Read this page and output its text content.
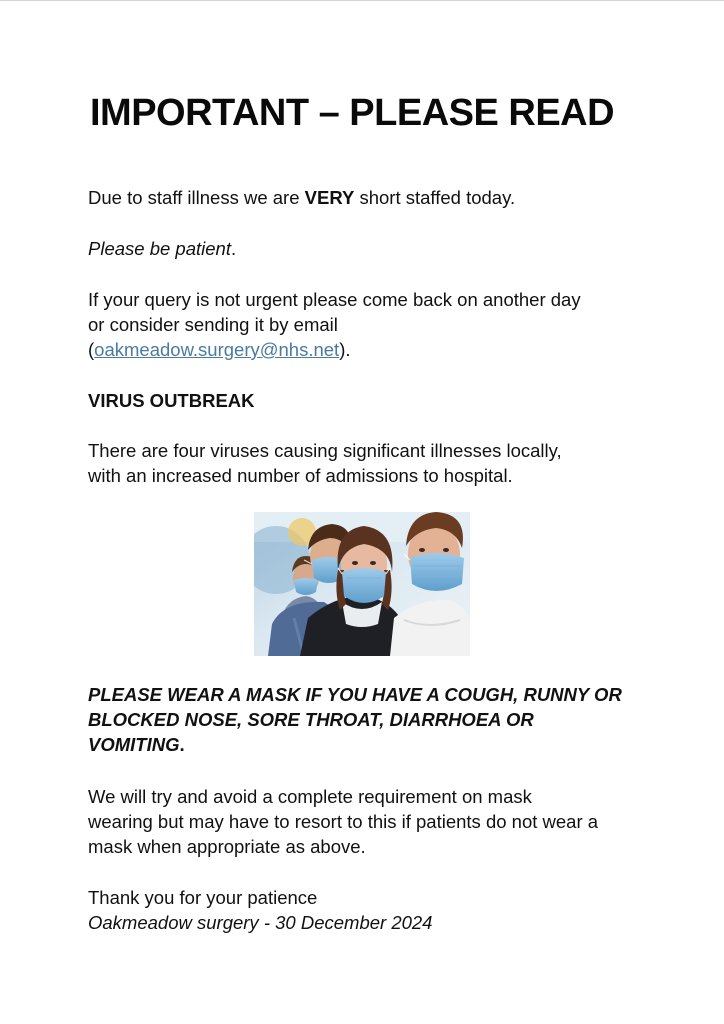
IMPORTANT – PLEASE READ

Due to staff illness we are VERY short staffed today.

Please be patient.

If your query is not urgent please come back on another day
or consider sending it by email
(oakmeadow.surgery@nhs.net).

VIRUS OUTBREAK

There are four viruses causing significant illnesses locally,
with an increased number of admissions to hospital.

PLEASE WEAR A MASK IF YOU HAVE A COUGH, RUNNY OR
BLOCKED NOSE, SORE THROAT, DIARRHOEA OR
VOMITING.

We will try and avoid a complete requirement on mask
wearing but may have to resort to this if patients do not wear a
mask when appropriate as above.

Thank you for your patience
Oakmeadow surgery - 30 December 2024
